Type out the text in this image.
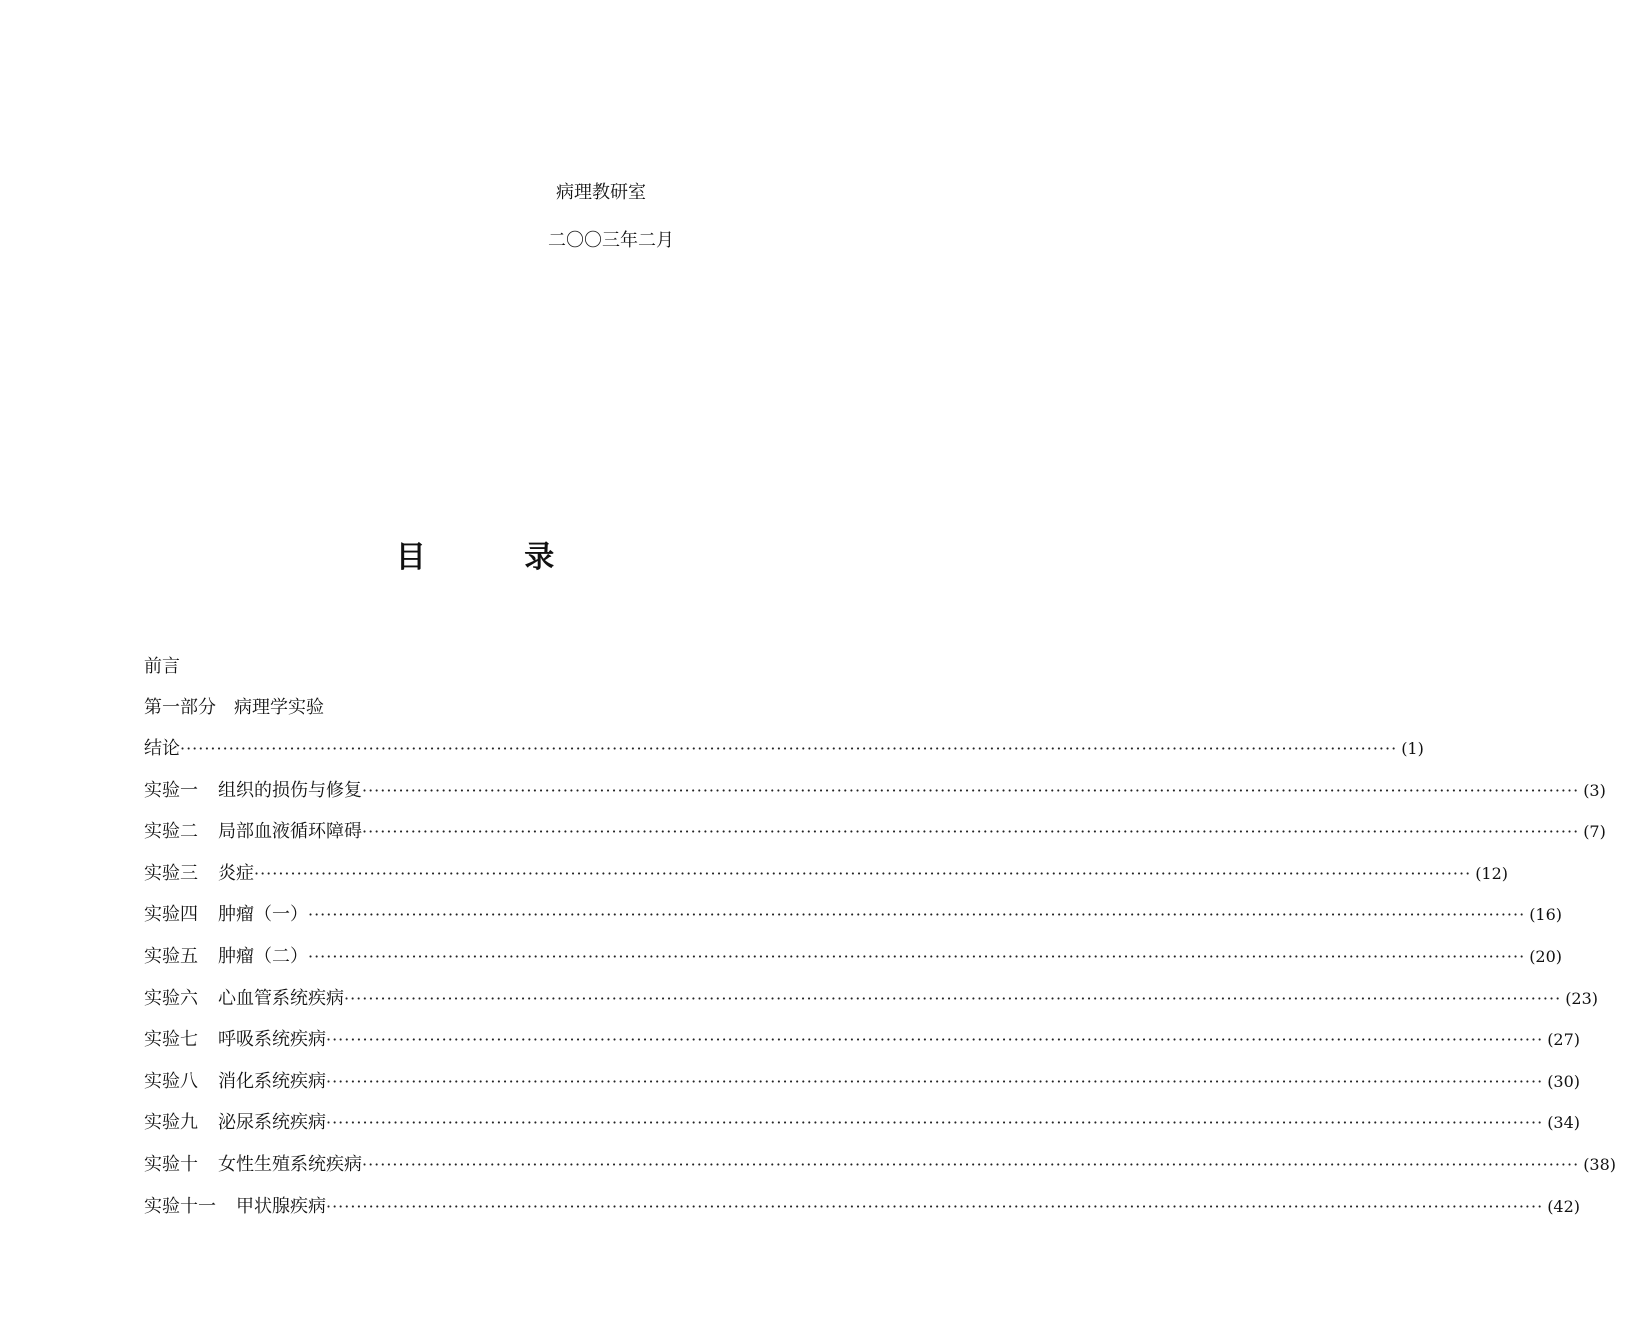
病理教研室
二〇〇三年二月
目 录
前言
第一部分　病理学实验
结论 ········································································································································································································ (1)
实验一 组织的损伤与修复 ········································································································································································································ (3)
实验二 局部血液循环障碍 ········································································································································································································ (7)
实验三 炎症 ········································································································································································································ (12)
实验四 肿瘤（一） ········································································································································································································ (16)
实验五 肿瘤（二） ········································································································································································································ (20)
实验六 心血管系统疾病 ········································································································································································································ (23)
实验七 呼吸系统疾病 ········································································································································································································ (27)
实验八 消化系统疾病 ········································································································································································································ (30)
实验九 泌尿系统疾病 ········································································································································································································ (34)
实验十 女性生殖系统疾病 ········································································································································································································ (38)
实验十一 甲状腺疾病 ········································································································································································································ (42)
